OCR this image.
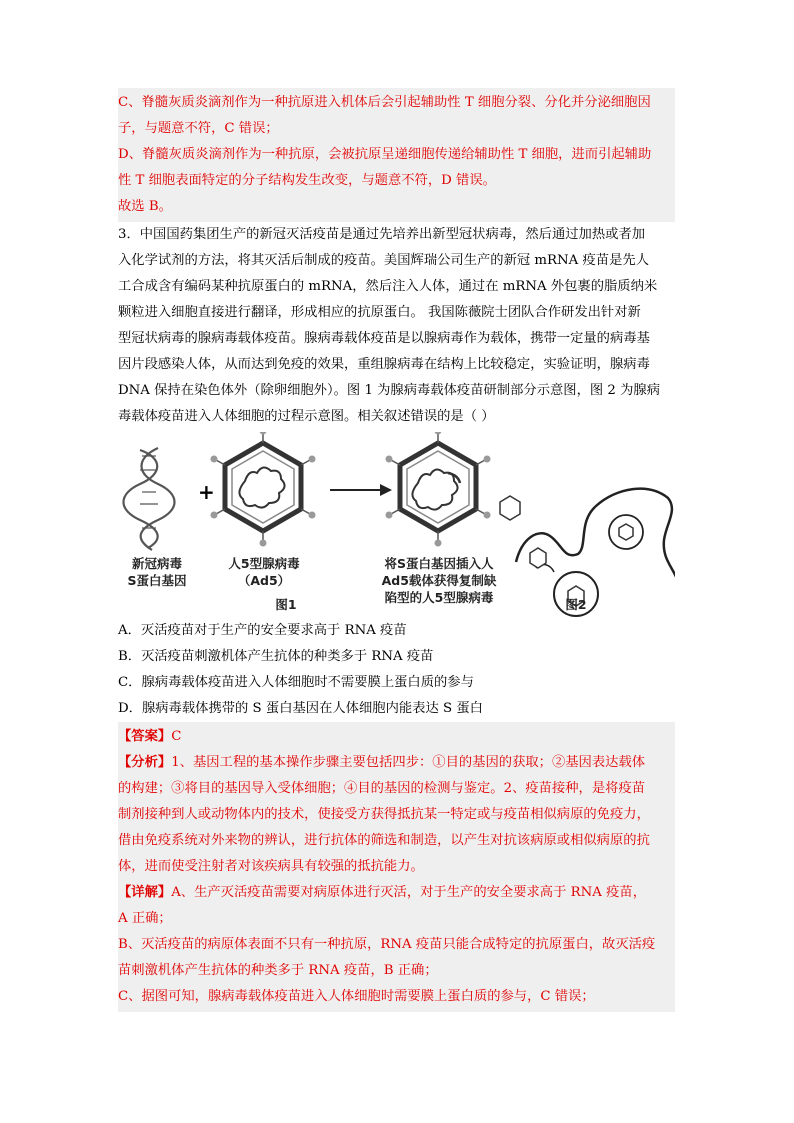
C、脊髓灰质炎滴剂作为一种抗原进入机体后会引起辅助性 T 细胞分裂、分化并分泌细胞因
子，与题意不符，C 错误；
D、脊髓灰质炎滴剂作为一种抗原，会被抗原呈递细胞传递给辅助性 T 细胞，进而引起辅助
性 T 细胞表面特定的分子结构发生改变，与题意不符，D 错误。
故选 B。
3．中国国药集团生产的新冠灭活疫苗是通过先培养出新型冠状病毒，然后通过加热或者加
入化学试剂的方法，将其灭活后制成的疫苗。美国辉瑞公司生产的新冠 mRNA 疫苗是先人
工合成含有编码某种抗原蛋白的 mRNA，然后注入人体，通过在 mRNA 外包裹的脂质纳米
颗粒进入细胞直接进行翻译，形成相应的抗原蛋白。 我国陈薇院士团队合作研发出针对新
型冠状病毒的腺病毒载体疫苗。腺病毒载体疫苗是以腺病毒作为载体，携带一定量的病毒基
因片段感染人体，从而达到免疫的效果，重组腺病毒在结构上比较稳定，实验证明，腺病毒
DNA 保持在染色体外（除卵细胞外）。图 1 为腺病毒载体疫苗研制部分示意图，图 2 为腺病
毒载体疫苗进入人体细胞的过程示意图。相关叙述错误的是（ ）
+
新冠病毒
S蛋白基因
人5型腺病毒
（Ad5）
将S蛋白基因插入人
Ad5载体获得复制缺
陷型的人5型腺病毒
图1	图2
A．灭活疫苗对于生产的安全要求高于 RNA 疫苗
B．灭活疫苗刺激机体产生抗体的种类多于 RNA 疫苗
C．腺病毒载体疫苗进入人体细胞时不需要膜上蛋白质的参与
D．腺病毒载体携带的 S 蛋白基因在人体细胞内能表达 S 蛋白
【答案】C
【分析】1、基因工程的基本操作步骤主要包括四步：①目的基因的获取；②基因表达载体
的构建；③将目的基因导入受体细胞；④目的基因的检测与鉴定。2、疫苗接种，是将疫苗
制剂接种到人或动物体内的技术，使接受方获得抵抗某一特定或与疫苗相似病原的免疫力，
借由免疫系统对外来物的辨认，进行抗体的筛选和制造，以产生对抗该病原或相似病原的抗
体，进而使受注射者对该疾病具有较强的抵抗能力。
【详解】A、生产灭活疫苗需要对病原体进行灭活，对于生产的安全要求高于 RNA 疫苗，
A 正确；
B、灭活疫苗的病原体表面不只有一种抗原，RNA 疫苗只能合成特定的抗原蛋白，故灭活疫
苗刺激机体产生抗体的种类多于 RNA 疫苗，B 正确；
C、据图可知，腺病毒载体疫苗进入人体细胞时需要膜上蛋白质的参与，C 错误；
